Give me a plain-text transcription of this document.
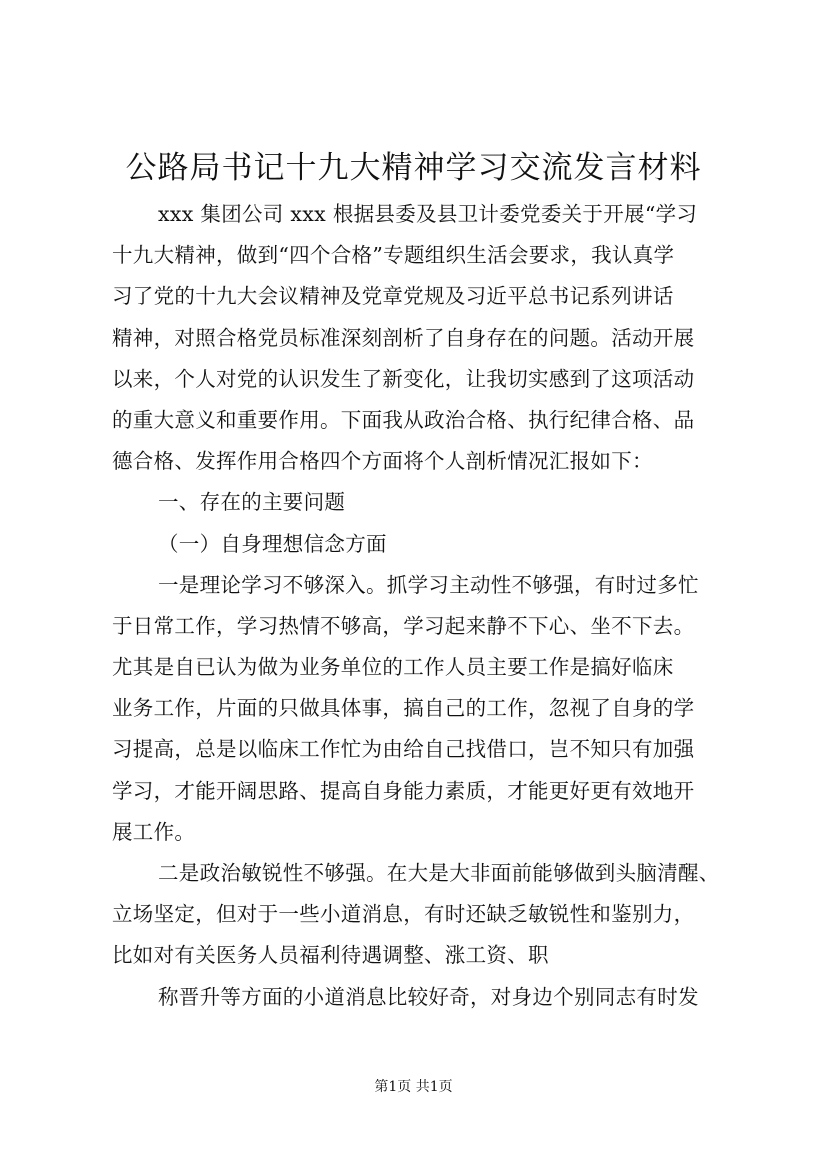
公路局书记十九大精神学习交流发言材料
xxx 集团公司 xxx 根据县委及县卫计委党委关于开展“学习
十九大精神，做到“四个合格”专题组织生活会要求，我认真学
习了党的十九大会议精神及党章党规及习近平总书记系列讲话
精神，对照合格党员标准深刻剖析了自身存在的问题。活动开展
以来，个人对党的认识发生了新变化，让我切实感到了这项活动
的重大意义和重要作用。下面我从政治合格、执行纪律合格、品
德合格、发挥作用合格四个方面将个人剖析情况汇报如下：
一、存在的主要问题
（一）自身理想信念方面
一是理论学习不够深入。抓学习主动性不够强，有时过多忙
于日常工作，学习热情不够高，学习起来静不下心、坐不下去。
尤其是自已认为做为业务单位的工作人员主要工作是搞好临床
业务工作，片面的只做具体事，搞自己的工作，忽视了自身的学
习提高，总是以临床工作忙为由给自己找借口，岂不知只有加强
学习，才能开阔思路、提高自身能力素质，才能更好更有效地开
展工作。
二是政治敏锐性不够强。在大是大非面前能够做到头脑清醒、
立场坚定，但对于一些小道消息，有时还缺乏敏锐性和鉴别力，
比如对有关医务人员福利待遇调整、涨工资、职
称晋升等方面的小道消息比较好奇，对身边个别同志有时发
第1页 共1页
